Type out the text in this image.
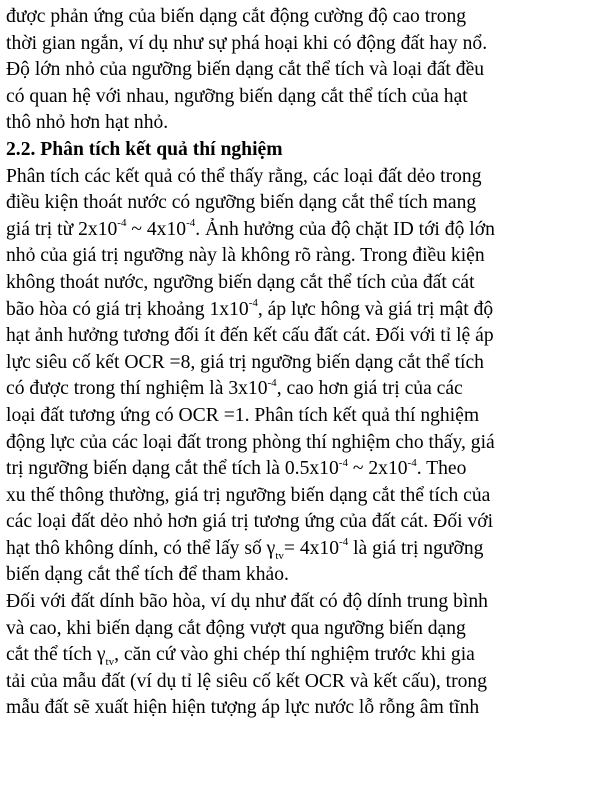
được phản ứng của biến dạng cắt động cường độ cao trong
thời gian ngắn, ví dụ như sự phá hoại khi có động đất hay nổ.
Độ lớn nhỏ của ngưỡng biến dạng cắt thể tích và loại đất đều
có quan hệ với nhau, ngưỡng biến dạng cắt thể tích của hạt
thô nhỏ hơn hạt nhỏ.
2.2. Phân tích kết quả thí nghiệm
Phân tích các kết quả có thể thấy rằng, các loại đất dẻo trong
điều kiện thoát nước có ngưỡng biến dạng cắt thể tích mang
giá trị từ $2x10^{-4}$ ~ $4x10^{-4}$. Ảnh hưởng của độ chặt ID tới độ lớn
nhỏ của giá trị ngưỡng này là không rõ ràng. Trong điều kiện
không thoát nước, ngưỡng biến dạng cắt thể tích của đất cát
bão hòa có giá trị khoảng $1x10^{-4}$, áp lực hông và giá trị mật độ
hạt ảnh hưởng tương đối ít đến kết cấu đất cát. Đối với tỉ lệ áp
lực siêu cố kết OCR =8, giá trị ngưỡng biến dạng cắt thể tích
có được trong thí nghiệm là $3x10^{-4}$, cao hơn giá trị của các
loại đất tương ứng có OCR =1. Phân tích kết quả thí nghiệm
động lực của các loại đất trong phòng thí nghiệm cho thấy, giá
trị ngưỡng biến dạng cắt thể tích là $0.5x10^{-4}$ ~ $2x10^{-4}$. Theo
xu thế thông thường, giá trị ngưỡng biến dạng cắt thể tích của
các loại đất dẻo nhỏ hơn giá trị tương ứng của đất cát. Đối với
hạt thô không dính, có thể lấy số $\gamma_{tv}= 4x10^{-4}$ là giá trị ngưỡng
biến dạng cắt thể tích để tham khảo.
Đối với đất dính bão hòa, ví dụ như đất có độ dính trung bình
và cao, khi biến dạng cắt động vượt qua ngưỡng biến dạng
cắt thể tích $\gamma_{tv}$, căn cứ vào ghi chép thí nghiệm trước khi gia
tải của mẫu đất (ví dụ tỉ lệ siêu cố kết OCR và kết cấu), trong
mẫu đất sẽ xuất hiện hiện tượng áp lực nước lỗ rỗng âm tĩnh
